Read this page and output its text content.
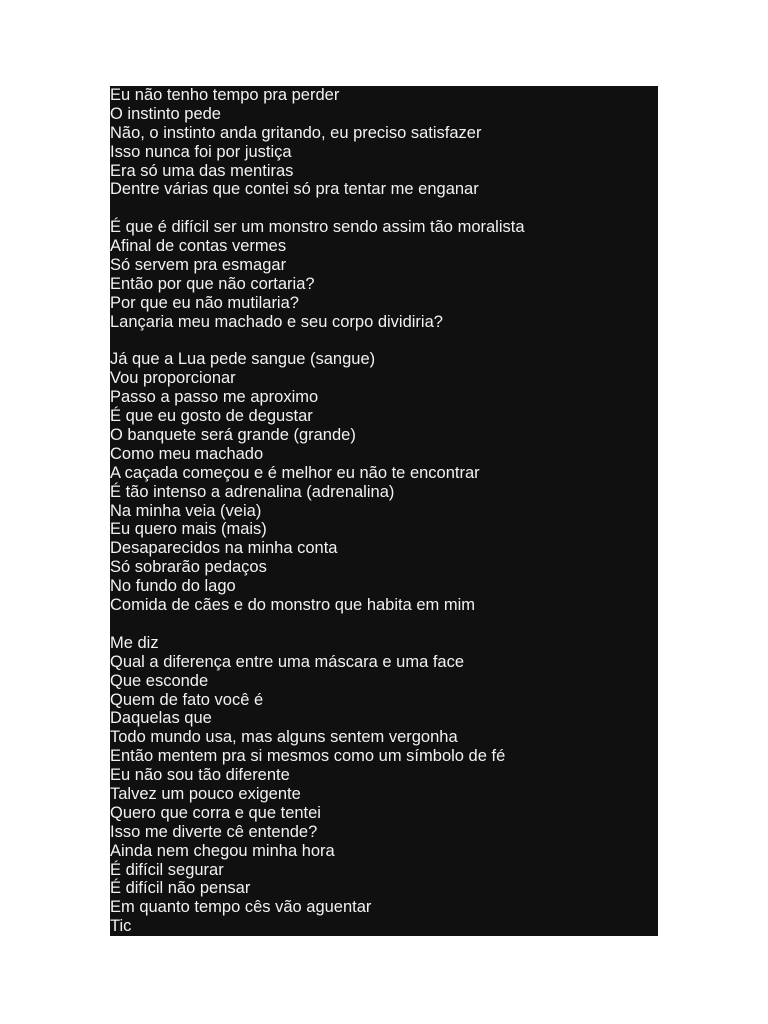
Eu não tenho tempo pra perder
O instinto pede
Não, o instinto anda gritando, eu preciso satisfazer
Isso nunca foi por justiça
Era só uma das mentiras
Dentre várias que contei só pra tentar me enganar
É que é difícil ser um monstro sendo assim tão moralista
Afinal de contas vermes
Só servem pra esmagar
Então por que não cortaria?
Por que eu não mutilaria?
Lançaria meu machado e seu corpo dividiria?
Já que a Lua pede sangue (sangue)
Vou proporcionar
Passo a passo me aproximo
É que eu gosto de degustar
O banquete será grande (grande)
Como meu machado
A caçada começou e é melhor eu não te encontrar
É tão intenso a adrenalina (adrenalina)
Na minha veia (veia)
Eu quero mais (mais)
Desaparecidos na minha conta
Só sobrarão pedaços
No fundo do lago
Comida de cães e do monstro que habita em mim
Me diz
Qual a diferença entre uma máscara e uma face
Que esconde
Quem de fato você é
Daquelas que
Todo mundo usa, mas alguns sentem vergonha
Então mentem pra si mesmos como um símbolo de fé
Eu não sou tão diferente
Talvez um pouco exigente
Quero que corra e que tentei
Isso me diverte cê entende?
Ainda nem chegou minha hora
É difícil segurar
É difícil não pensar
Em quanto tempo cês vão aguentar
Tic
